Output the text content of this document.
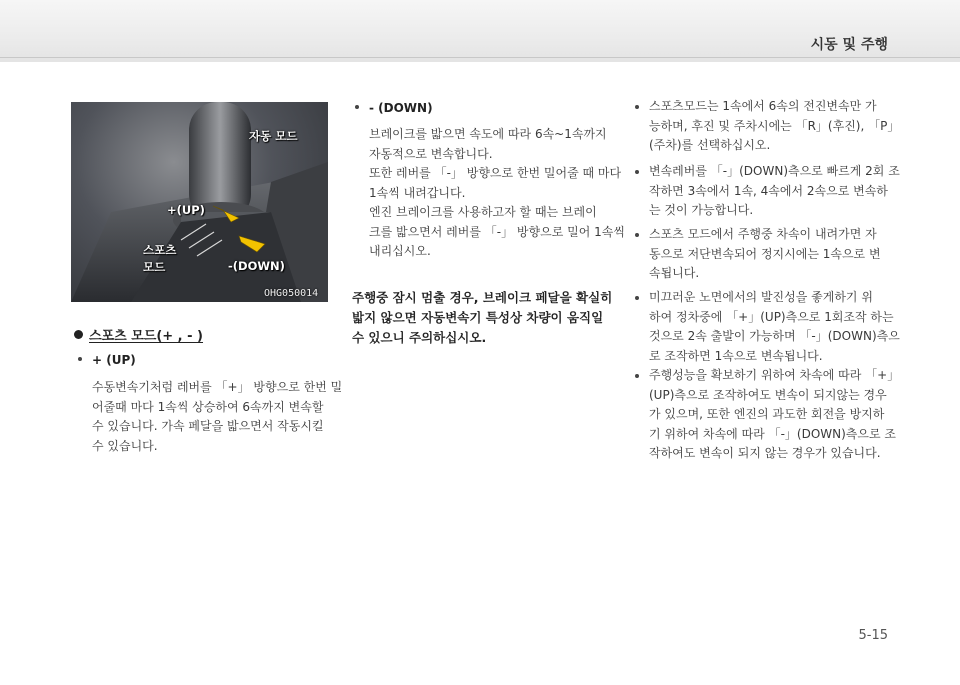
시동 및 주행
자동 모드
+(UP)
스포츠
모드	-(DOWN)
OHG050014
스포츠 모드(+ , - )
+ (UP)
수동변속기처럼 레버를 「+」 방향으로 한번 밀
어줄때 마다 1속씩 상승하여 6속까지 변속할
수 있습니다. 가속 페달을 밟으면서 작동시킬
수 있습니다.
- (DOWN)
브레이크를 밟으면 속도에 따라 6속~1속까지
자동적으로 변속합니다.
또한 레버를 「-」 방향으로 한번 밀어줄 때 마다
1속씩 내려갑니다.
엔진 브레이크를 사용하고자 할 때는 브레이
크를 밟으면서 레버를 「-」 방향으로 밀어 1속씩
내리십시오.
주행중 잠시 멈출 경우, 브레이크 페달을 확실히
밟지 않으면 자동변속기 특성상 차량이 움직일
수 있으니 주의하십시오.
스포츠모드는 1속에서 6속의 전진변속만 가
능하며, 후진 및 주차시에는 「R」(후진), 「P」
(주차)를 선택하십시오.
변속레버를 「-」(DOWN)측으로 빠르게 2회 조
작하면 3속에서 1속, 4속에서 2속으로 변속하
는 것이 가능합니다.
스포츠 모드에서 주행중 차속이 내려가면 자
동으로 저단변속되어 정지시에는 1속으로 변
속됩니다.
미끄러운 노면에서의 발진성을 좋게하기 위
하여 정차중에 「+」(UP)측으로 1회조작 하는
것으로 2속 출발이 가능하며 「-」(DOWN)측으
로 조작하면 1속으로 변속됩니다.
주행성능을 확보하기 위하여 차속에 따라 「+」
(UP)측으로 조작하여도 변속이 되지않는 경우
가 있으며, 또한 엔진의 과도한 회전을 방지하
기 위하여 차속에 따라 「-」(DOWN)측으로 조
작하여도 변속이 되지 않는 경우가 있습니다.
5-15
